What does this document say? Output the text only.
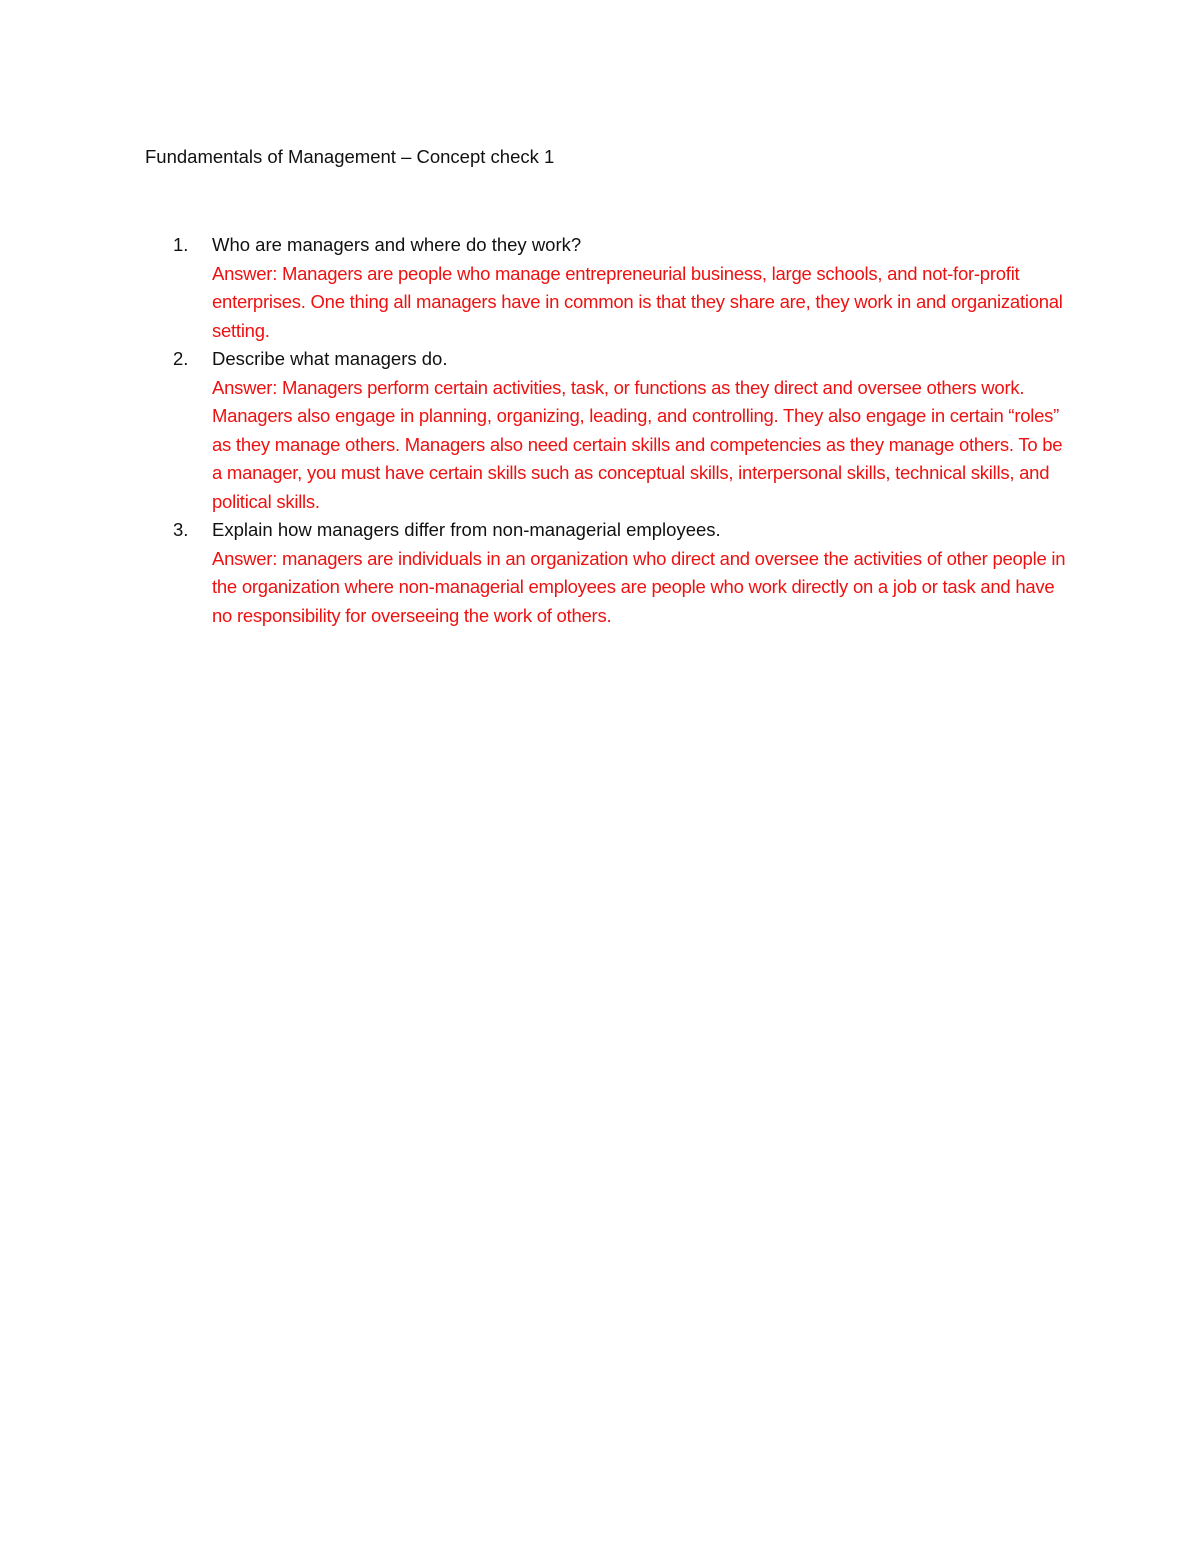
Fundamentals of Management – Concept check 1
1. Who are managers and where do they work?
Answer: Managers are people who manage entrepreneurial business, large schools, and not-for-profit enterprises. One thing all managers have in common is that they share are, they work in and organizational setting.
2. Describe what managers do.
Answer: Managers perform certain activities, task, or functions as they direct and oversee others work. Managers also engage in planning, organizing, leading, and controlling. They also engage in certain “roles” as they manage others. Managers also need certain skills and competencies as they manage others. To be a manager, you must have certain skills such as conceptual skills, interpersonal skills, technical skills, and political skills.
3. Explain how managers differ from non-managerial employees.
Answer: managers are individuals in an organization who direct and oversee the activities of other people in the organization where non-managerial employees are people who work directly on a job or task and have no responsibility for overseeing the work of others.
